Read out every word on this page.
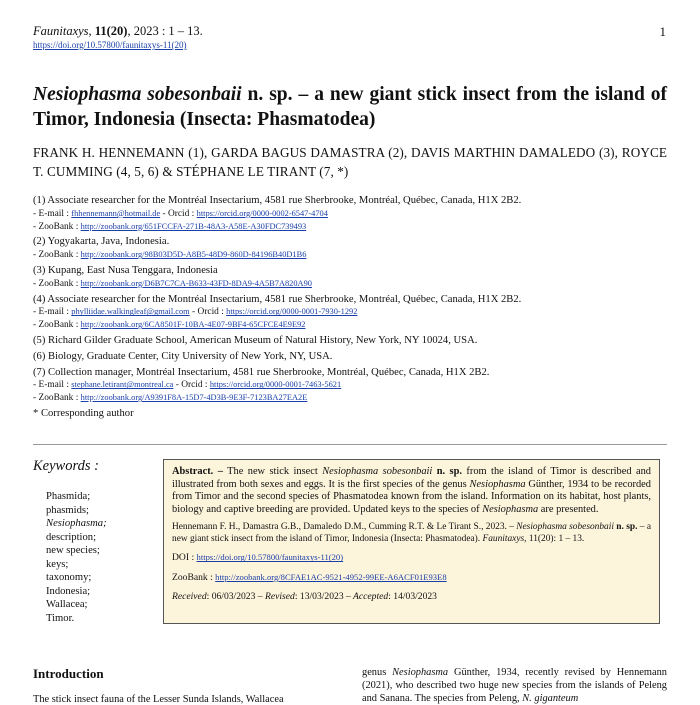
Faunitaxys, 11(20), 2023 : 1 – 13.
https://doi.org/10.57800/faunitaxys-11(20)
1
Nesiophasma sobesonbaii n. sp. – a new giant stick insect from the island of Timor, Indonesia (Insecta: Phasmatodea)
FRANK H. HENNEMANN (1), GARDA BAGUS DAMASTRA (2), DAVIS MARTHIN DAMALEDO (3), ROYCE T. CUMMING (4, 5, 6) & STÉPHANE LE TIRANT (7, *)
(1) Associate researcher for the Montréal Insectarium, 4581 rue Sherbrooke, Montréal, Québec, Canada, H1X 2B2.
- E-mail : fhhennemann@hotmail.de - Orcid : https://orcid.org/0000-0002-6547-4704
- ZooBank : http://zoobank.org/651FCCFA-271B-48A3-A58E-A30FDC739493
(2) Yogyakarta, Java, Indonesia.
- ZooBank : http://zoobank.org/98B03D5D-A8B5-48D9-860D-84196B40D1B6
(3) Kupang, East Nusa Tenggara, Indonesia
- ZooBank : http://zoobank.org/D6B7C7CA-B633-43FD-8DA9-4A5B7A820A90
(4) Associate researcher for the Montréal Insectarium, 4581 rue Sherbrooke, Montréal, Québec, Canada, H1X 2B2.
- E-mail : phylliidae.walkingleaf@gmail.com - Orcid : https://orcid.org/0000-0001-7930-1292
- ZooBank : http://zoobank.org/6CA8501F-10BA-4E07-9BF4-65CFCE4E9E92
(5) Richard Gilder Graduate School, American Museum of Natural History, New York, NY 10024, USA.
(6) Biology, Graduate Center, City University of New York, NY, USA.
(7) Collection manager, Montréal Insectarium, 4581 rue Sherbrooke, Montréal, Québec, Canada, H1X 2B2.
- E-mail : stephane.letirant@montreal.ca - Orcid : https://orcid.org/0000-0001-7463-5621
- ZooBank : http://zoobank.org/A9391F8A-15D7-4D3B-9E3F-7123BA27EA2E
* Corresponding author
Keywords :
Phasmida;
phasmids;
Nesiophasma;
description;
new species;
keys;
taxonomy;
Indonesia;
Wallacea;
Timor.
Abstract. – The new stick insect Nesiophasma sobesonbaii n. sp. from the island of Timor is described and illustrated from both sexes and eggs. It is the first species of the genus Nesiophasma Günther, 1934 to be recorded from Timor and the second species of Phasmatodea known from the island. Information on its habitat, host plants, biology and captive breeding are provided. Updated keys to the species of Nesiophasma are presented.
Hennemann F. H., Damastra G.B., Damaledo D.M., Cumming R.T. & Le Tirant S., 2023. – Nesiophasma sobesonbaii n. sp. – a new giant stick insect from the island of Timor, Indonesia (Insecta: Phasmatodea). Faunitaxys, 11(20): 1 – 13.
DOI : https://doi.org/10.57800/faunitaxys-11(20)
ZooBank : http://zoobank.org/8CFAE1AC-9521-4952-99EE-A6ACF01E93E8
Received: 06/03/2023 – Revised: 13/03/2023 – Accepted: 14/03/2023
Introduction
The stick insect fauna of the Lesser Sunda Islands, Wallacea
genus Nesiophasma Günther, 1934, recently revised by Hennemann (2021), who described two huge new species from the islands of Peleng and Sanana. The species from Peleng, N. giganteum
